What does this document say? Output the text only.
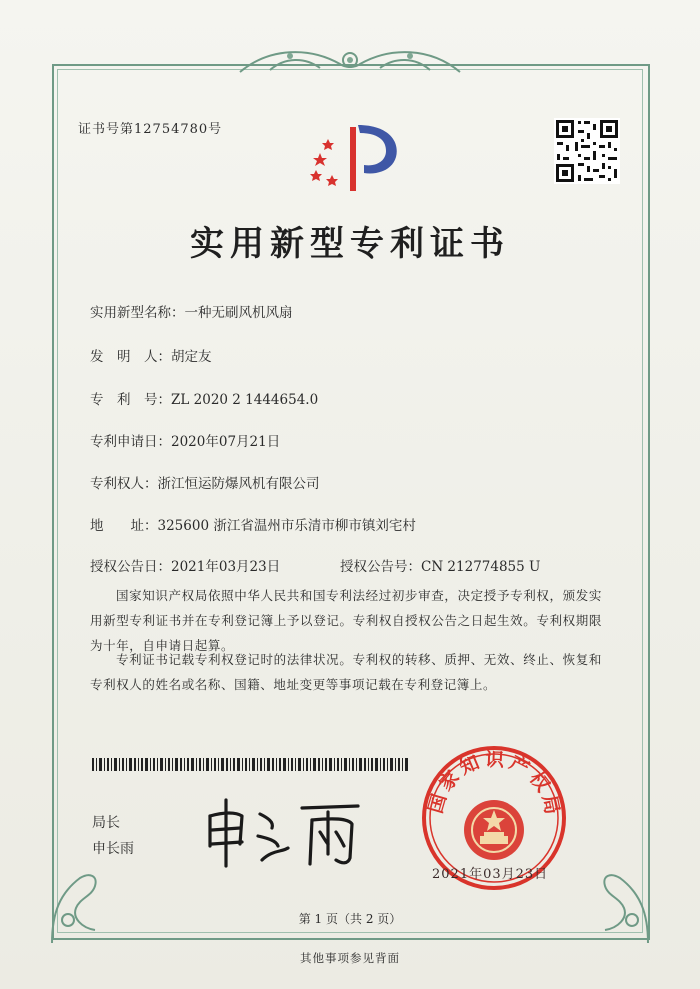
证书号第12754780号
实用新型专利证书
实用新型名称：一种无刷风机风扇
发　明　人：胡定友
专　利　号：ZL 2020 2 1444654.0
专利申请日：2020年07月21日
专利权人：浙江恒运防爆风机有限公司
地　　址：325600 浙江省温州市乐清市柳市镇刘宅村
授权公告日：2021年03月23日	授权公告号：CN 212774855 U
国家知识产权局依照中华人民共和国专利法经过初步审查，决定授予专利权，颁发实用新型专利证书并在专利登记簿上予以登记。专利权自授权公告之日起生效。专利权期限为十年，自申请日起算。
专利证书记载专利权登记时的法律状况。专利权的转移、质押、无效、终止、恢复和专利权人的姓名或名称、国籍、地址变更等事项记载在专利登记簿上。
局长
申长雨
国家知识产权局
2021年03月23日
第 1 页（共 2 页）
其他事项参见背面
